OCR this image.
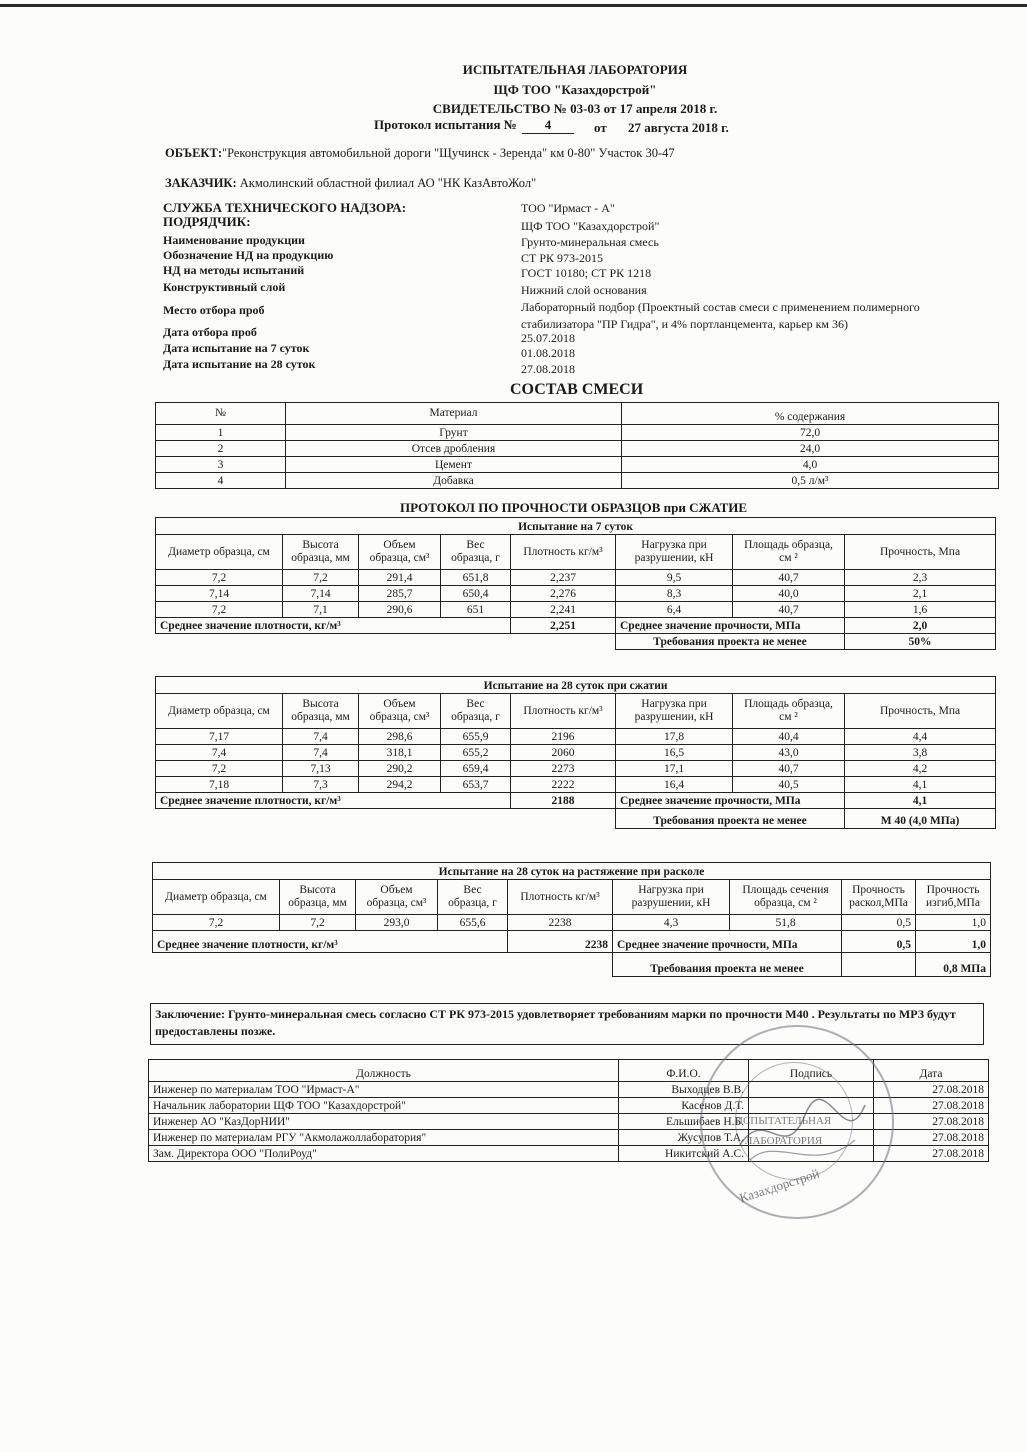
ИСПЫТАТЕЛЬНАЯ ЛАБОРАТОРИЯ
ЩФ ТОО "Казахдорстрой"
СВИДЕТЕЛЬСТВО № 03-03 от 17 апреля 2018 г.
Протокол испытания №	4	от 27 августа 2018 г.
ОБЪЕКТ:"Реконструкция автомобильной дороги "Щучинск - Зеренда" км 0-80" Участок 30-47
ЗАКАЗЧИК: Акмолинский областной филиал АО "НК КазАвтоЖол"
СЛУЖБА ТЕХНИЧЕСКОГО НАДЗОРА:	ТОО "Ирмаст - А"
ПОДРЯДЧИК:	ЩФ ТОО "Казахдорстрой"
Наименование продукции	Грунто-минеральная смесь
Обозначение НД на продукцию	СТ РК 973-2015
НД на методы испытаний	ГОСТ 10180; СТ РК 1218
Конструктивный слой	Нижний слой основания
Место отбора проб	Лабораторный подбор (Проектный состав смеси с применением полимерного
стабилизатора "ПР Гидра", и 4% портланцемента, карьер км 36)
Дата отбора проб	25.07.2018
Дата испытание на 7 суток	01.08.2018
Дата испытание на 28 суток	27.08.2018
СОСТАВ СМЕСИ
№	Материал	% содержания
1	Грунт	72,0
2	Отсев дробления	24,0
3	Цемент	4,0
4	Добавка	0,5 л/м³
ПРОТОКОЛ ПО ПРОЧНОСТИ ОБРАЗЦОВ при СЖАТИЕ
Испытание на 7 суток							
Диаметр образца, см	Высота образца, мм	Объем образца, см³	Вес образца, г	Плотность кг/м³	Нагрузка при разрушении, кН	Площадь образца, см ²	Прочность, Мпа
7,2	7,2	291,4	651,8	2,237	9,5	40,7	2,3
7,14	7,14	285,7	650,4	2,276	8,3	40,0	2,1
7,2	7,1	290,6	651	2,241	6,4	40,7	1,6
Среднее значение плотности, кг/м³				2,251	Среднее значение прочности, МПа		2,0
					Требования проекта не менее		50%
Испытание на 28 суток при сжатии							
Диаметр образца, см	Высота образца, мм	Объем образца, см³	Вес образца, г	Плотность кг/м³	Нагрузка при разрушении, кН	Площадь образца, см ²	Прочность, Мпа
7,17	7,4	298,6	655,9	2196	17,8	40,4	4,4
7,4	7,4	318,1	655,2	2060	16,5	43,0	3,8
7,2	7,13	290,2	659,4	2273	17,1	40,7	4,2
7,18	7,3	294,2	653,7	2222	16,4	40,5	4,1
Среднее значение плотности, кг/м³				2188	Среднее значение прочности, МПа		4,1
					Требования проекта не менее		М 40 (4,0 МПа)
Испытание на 28 суток на растяжение при расколе								
Диаметр образца, см	Высота образца, мм	Объем образца, см³	Вес образца, г	Плотность кг/м³	Нагрузка при разрушении, кН	Площадь сечения образца, см ²	Прочность раскол,МПа	Прочность изгиб,МПа
7,2	7,2	293,0	655,6	2238	4,3	51,8	0,5	1,0
Среднее значение плотности, кг/м³				2238	Среднее значение прочности, МПа		0,5	1,0
					Требования проекта не менее			0,8 МПа
Заключение: Грунто-минеральная смесь согласно СТ РК 973-2015 удовлетворяет требованиям марки по прочности М40 . Результаты по МРЗ будут предоставлены позже.
Должность	Ф.И.О.	Подпись	Дата
Инженер по материалам ТОО "Ирмаст-А"	Выходцев В.В.		27.08.2018
Начальник лаборатории ЩФ ТОО "Казахдорстрой"	Касенов Д.Т.		27.08.2018
Инженер АО "КазДорНИИ"	Ельшибаев Н.Б.		27.08.2018
Инженер по материалам РГУ "Акмолажоллаборатория"	Жусупов Т.А.		27.08.2018
Зам. Директора ООО "ПолиРоуд"	Никитский А.С.		27.08.2018
ИСПЫТАТЕЛЬНАЯ
ЛАБОРАТОРИЯ
Казахдорстрой
